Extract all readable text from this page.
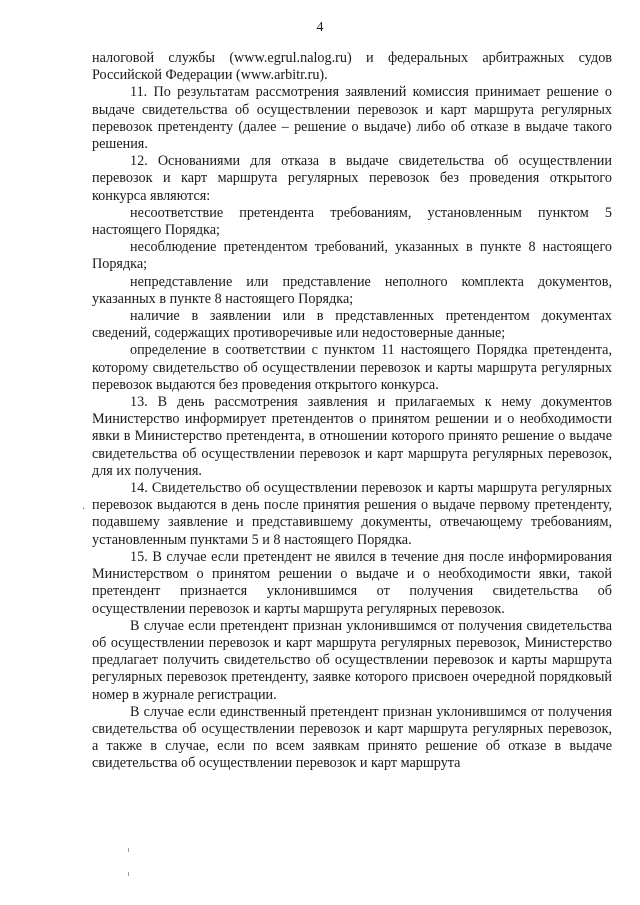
4

налоговой службы (www.egrul.nalog.ru) и федеральных арбитражных судов Российской Федерации (www.arbitr.ru).

11. По результатам рассмотрения заявлений комиссия принимает решение о выдаче свидетельства об осуществлении перевозок и карт маршрута регулярных перевозок претенденту (далее – решение о выдаче) либо об отказе в выдаче такого решения.

12. Основаниями для отказа в выдаче свидетельства об осуществлении перевозок и карт маршрута регулярных перевозок без проведения открытого конкурса являются:

несоответствие претендента требованиям, установленным пунктом 5 настоящего Порядка;

несоблюдение претендентом требований, указанных в пункте 8 настоящего Порядка;

непредставление или представление неполного комплекта документов, указанных в пункте 8 настоящего Порядка;

наличие в заявлении или в представленных претендентом документах сведений, содержащих противоречивые или недостоверные данные;

определение в соответствии с пунктом 11 настоящего Порядка претендента, которому свидетельство об осуществлении перевозок и карты маршрута регулярных перевозок выдаются без проведения открытого конкурса.

13. В день рассмотрения заявления и прилагаемых к нему документов Министерство информирует претендентов о принятом решении и о необходимости явки в Министерство претендента, в отношении которого принято решение о выдаче свидетельства об осуществлении перевозок и карт маршрута регулярных перевозок, для их получения.

14. Свидетельство об осуществлении перевозок и карты маршрута регулярных перевозок выдаются в день после принятия решения о выдаче первому претенденту, подавшему заявление и представившему документы, отвечающему требованиям, установленным пунктами 5 и 8 настоящего Порядка.

15. В случае если претендент не явился в течение дня после информирования Министерством о принятом решении о выдаче и о необходимости явки, такой претендент признается уклонившимся от получения свидетельства об осуществлении перевозок и карты маршрута регулярных перевозок.

В случае если претендент признан уклонившимся от получения свидетельства об осуществлении перевозок и карт маршрута регулярных перевозок, Министерство предлагает получить свидетельство об осуществлении перевозок и карты маршрута регулярных перевозок претенденту, заявке которого присвоен очередной порядковый номер в журнале регистрации.

В случае если единственный претендент признан уклонившимся от получения свидетельства об осуществлении перевозок и карт маршрута регулярных перевозок, а также в случае, если по всем заявкам принято решение об отказе в выдаче свидетельства об осуществлении перевозок и карт маршрута

.
